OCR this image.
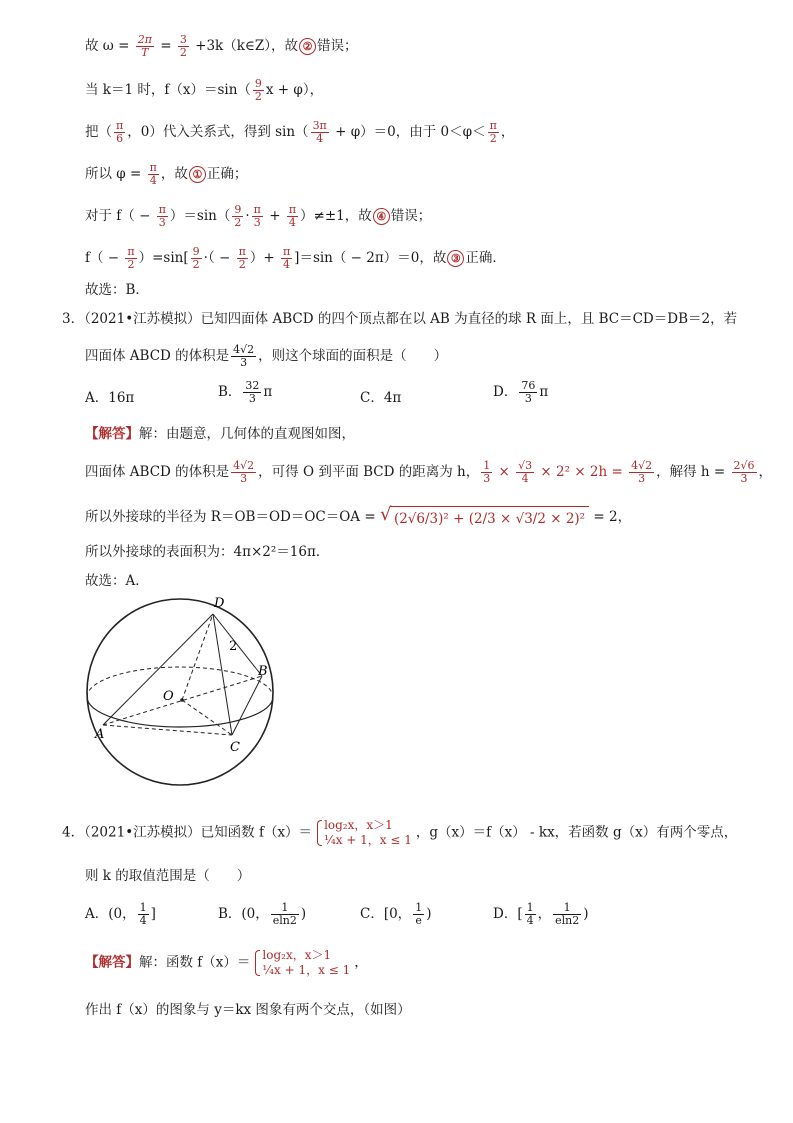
故 $\omega = \frac{2\pi}{T} = \frac{3}{2}$ +3k（k∈Z），故 ② 错误；
当 k＝1 时，$f(x)=\sin( \frac{9}{2}$ x + φ），
把（ $\frac{\pi}{6}$ ，0）代入关系式，得到 $\sin( \frac{3\pi}{4} + \varphi)=0$，由于 $0<\varphi< \frac{\pi}{2}$ ，
所以 $\varphi = \frac{\pi}{4}$ ，故 ① 正确；
对于 $f( - \frac{\pi}{3} )=\sin( \frac{9}{2} \cdot \frac{\pi}{3} + \frac{\pi}{4} )\ne\pm 1$，故 ④ 错误；
$f( - \frac{\pi}{2} )=\sin[ \frac{9}{2}$ ·（ − $\frac{\pi}{2}$ ）+ $\frac{\pi}{4} ]=\sin( - 2\pi)=0$，故 ③ 正确．
故选：B．
3．（2021•江苏模拟）已知四面体 ABCD 的四个顶点都在以 AB 为直径的球 R 面上，且 BC＝CD＝DB＝2，若
四面体 ABCD 的体积是 $\frac{4√2}{3}$ ，则这个球面的面积是（　　）
A．16π	B． $\frac{32}{3}$ π	C．4π	D． $\frac{76}{3}$ π
【解答】解：由题意，几何体的直观图如图，
四面体 ABCD 的体积是 $\frac{4√2}{3}$ ，可得 O 到平面 BCD 的距离为 h， $\frac{1}{3} \times \frac{√3}{4} \times 2^2 \times 2h = \frac{4√2}{3}$ ，解得 $h = \frac{2√6}{3}$ ，
所以外接球的半径为 R＝OB＝OD＝OC＝OA = √ (2√6/3)² + (2/3 × √3/2 × 2)² = 2，
所以外接球的表面积为：4π×2²＝16π．
故选：A．
D
B
O
A
C
2
4．（2021•江苏模拟）已知函数 f（x）＝ log₂x，x＞1
¼x + 1，x ≤ 1 ，g（x）＝f（x） - kx，若函数 g（x）有两个零点，
则 k 的取值范围是（　　）
A．(0， $\frac{1}{4}$ ]	B．(0， $\frac{1}{eln2}$ )	C．[0， $\frac{1}{e}$ )	D．[ $\frac{1}{4}$ ， $\frac{1}{eln2}$ )
【解答】解：函数 f（x）＝ log₂x，x＞1
¼x + 1，x ≤ 1 ，
作出 f（x）的图象与 y＝kx 图象有两个交点，（如图）
